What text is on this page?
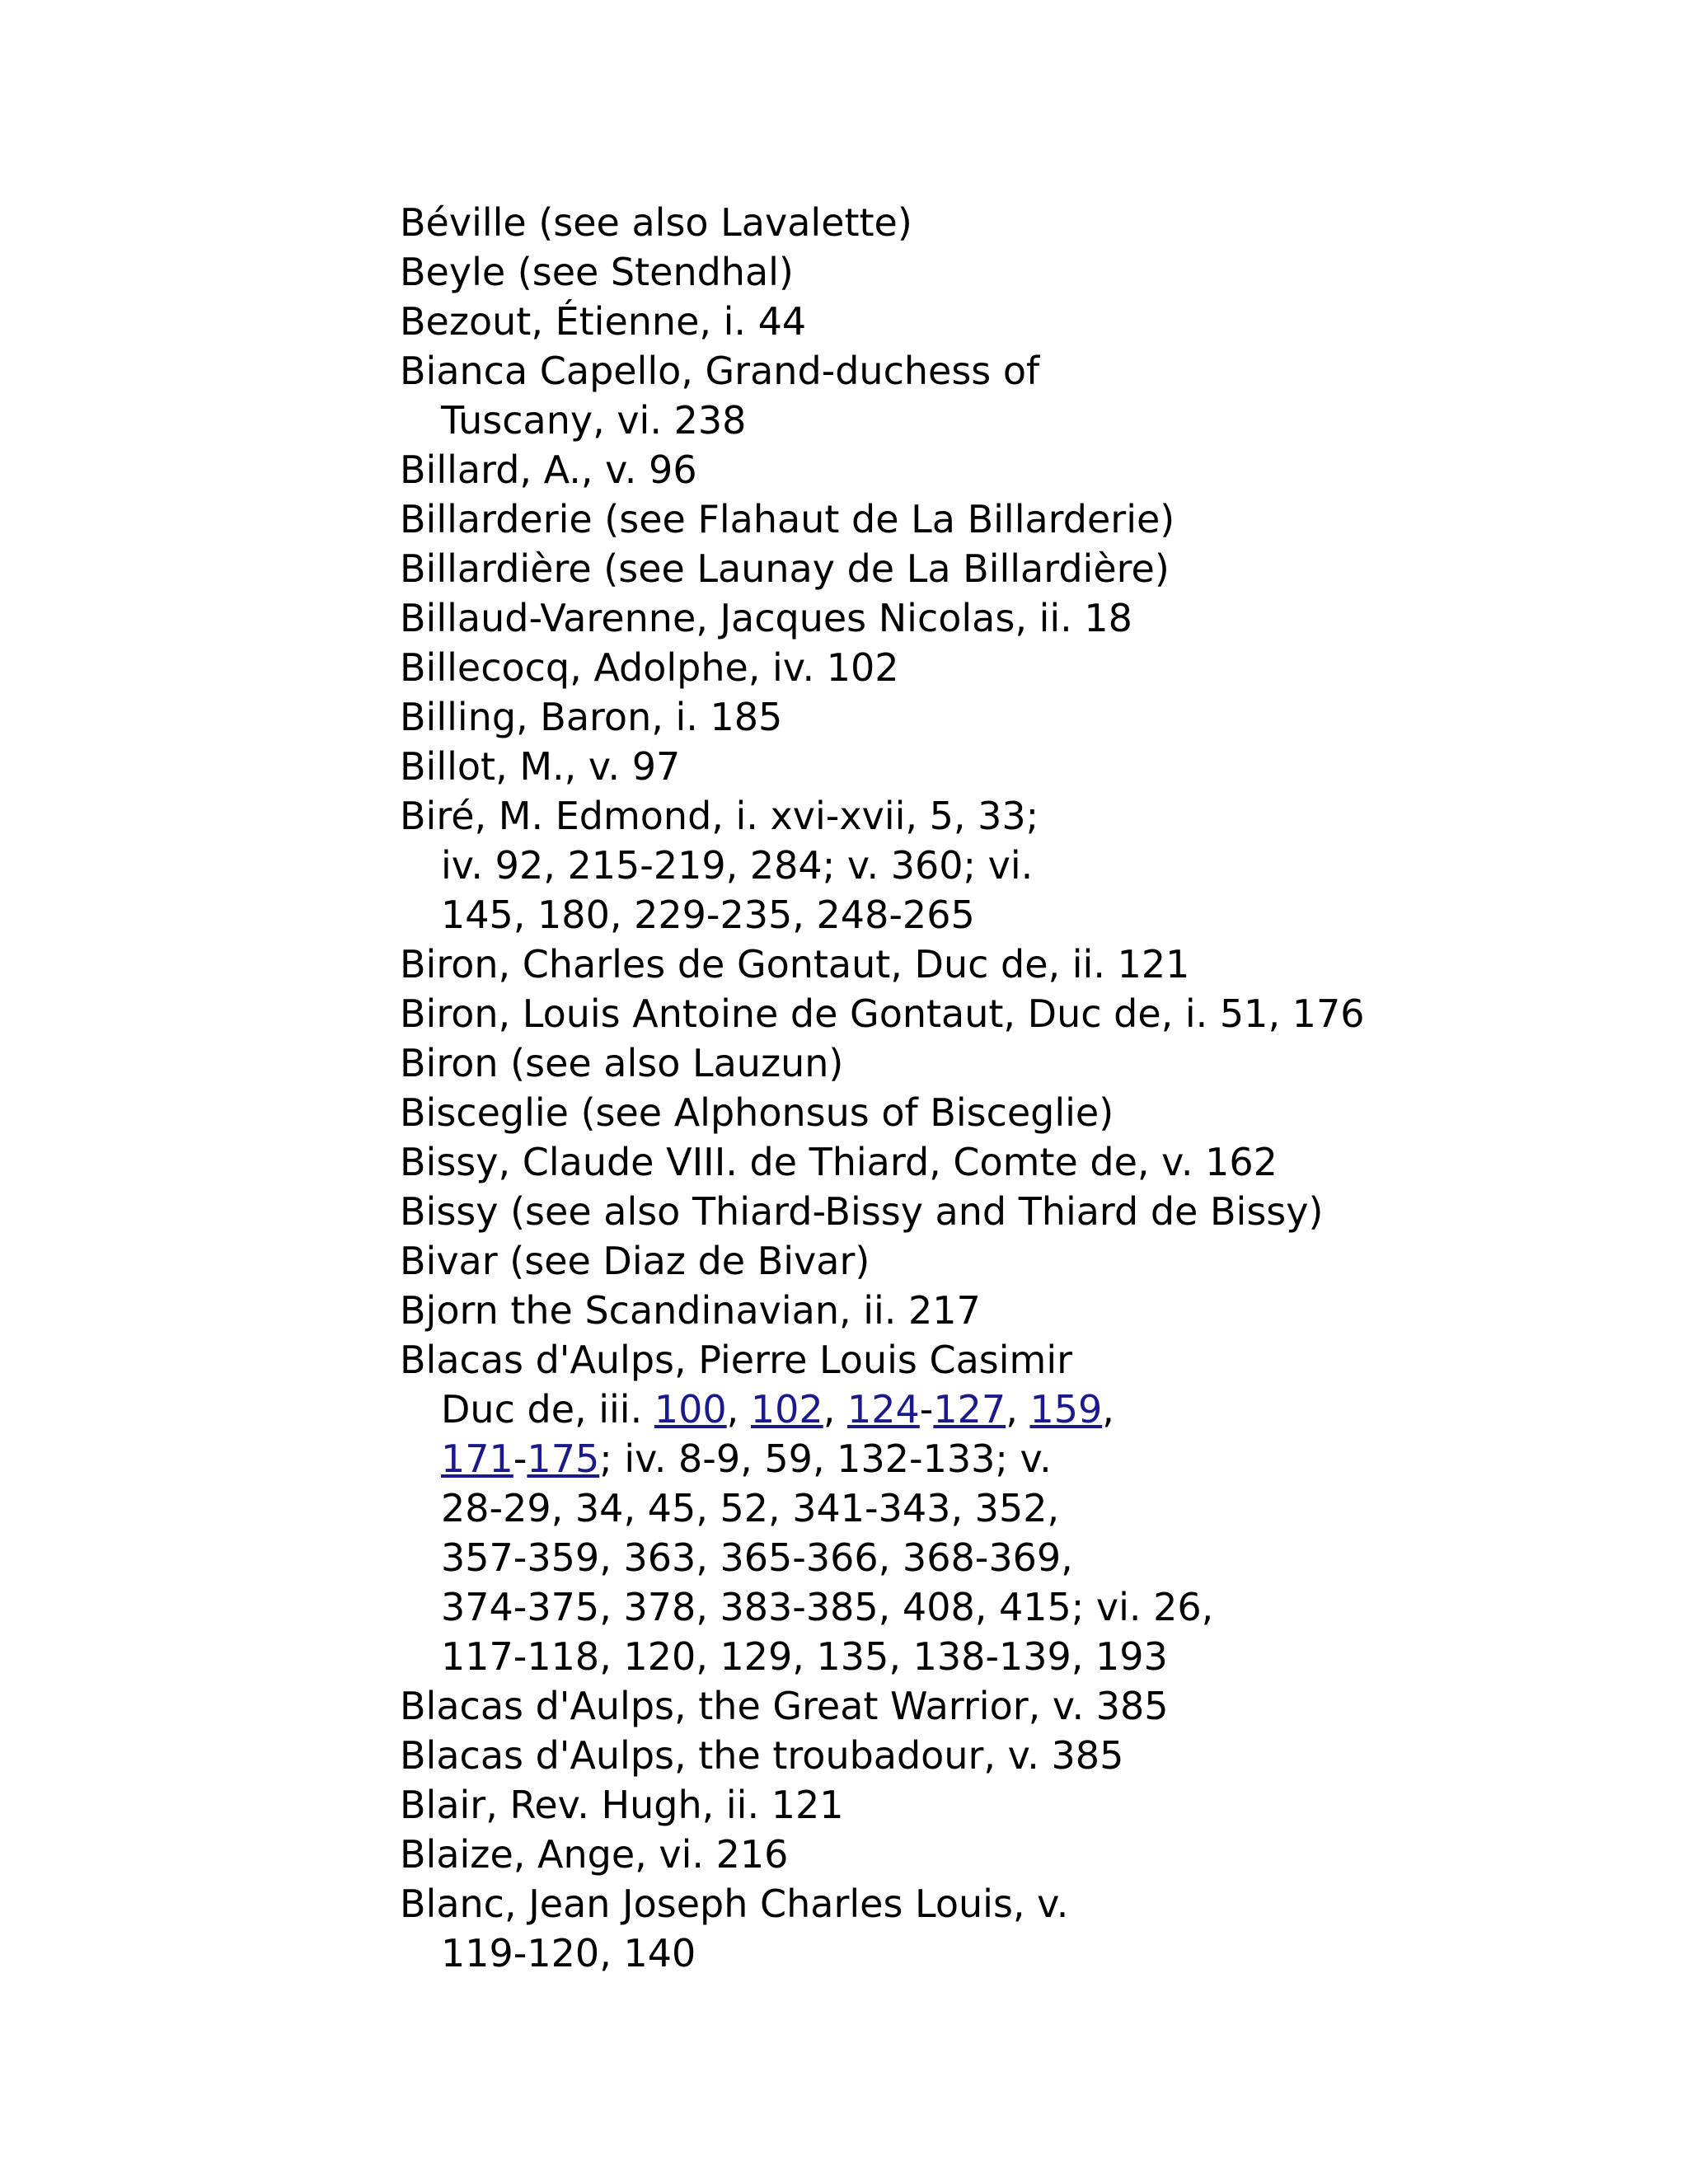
Béville (see also Lavalette)
Beyle (see Stendhal)
Bezout, Étienne, i. 44
Bianca Capello, Grand-duchess of
Tuscany, vi. 238
Billard, A., v. 96
Billarderie (see Flahaut de La Billarderie)
Billardière (see Launay de La Billardière)
Billaud-Varenne, Jacques Nicolas, ii. 18
Billecocq, Adolphe, iv. 102
Billing, Baron, i. 185
Billot, M., v. 97
Biré, M. Edmond, i. xvi-xvii, 5, 33;
iv. 92, 215-219, 284; v. 360; vi.
145, 180, 229-235, 248-265
Biron, Charles de Gontaut, Duc de, ii. 121
Biron, Louis Antoine de Gontaut, Duc de, i. 51, 176
Biron (see also Lauzun)
Bisceglie (see Alphonsus of Bisceglie)
Bissy, Claude VIII. de Thiard, Comte de, v. 162
Bissy (see also Thiard-Bissy and Thiard de Bissy)
Bivar (see Diaz de Bivar)
Bjorn the Scandinavian, ii. 217
Blacas d'Aulps, Pierre Louis Casimir
Duc de, iii. 100, 102, 124-127, 159,
171-175; iv. 8-9, 59, 132-133; v.
28-29, 34, 45, 52, 341-343, 352,
357-359, 363, 365-366, 368-369,
374-375, 378, 383-385, 408, 415; vi. 26,
117-118, 120, 129, 135, 138-139, 193
Blacas d'Aulps, the Great Warrior, v. 385
Blacas d'Aulps, the troubadour, v. 385
Blair, Rev. Hugh, ii. 121
Blaize, Ange, vi. 216
Blanc, Jean Joseph Charles Louis, v.
119-120, 140
